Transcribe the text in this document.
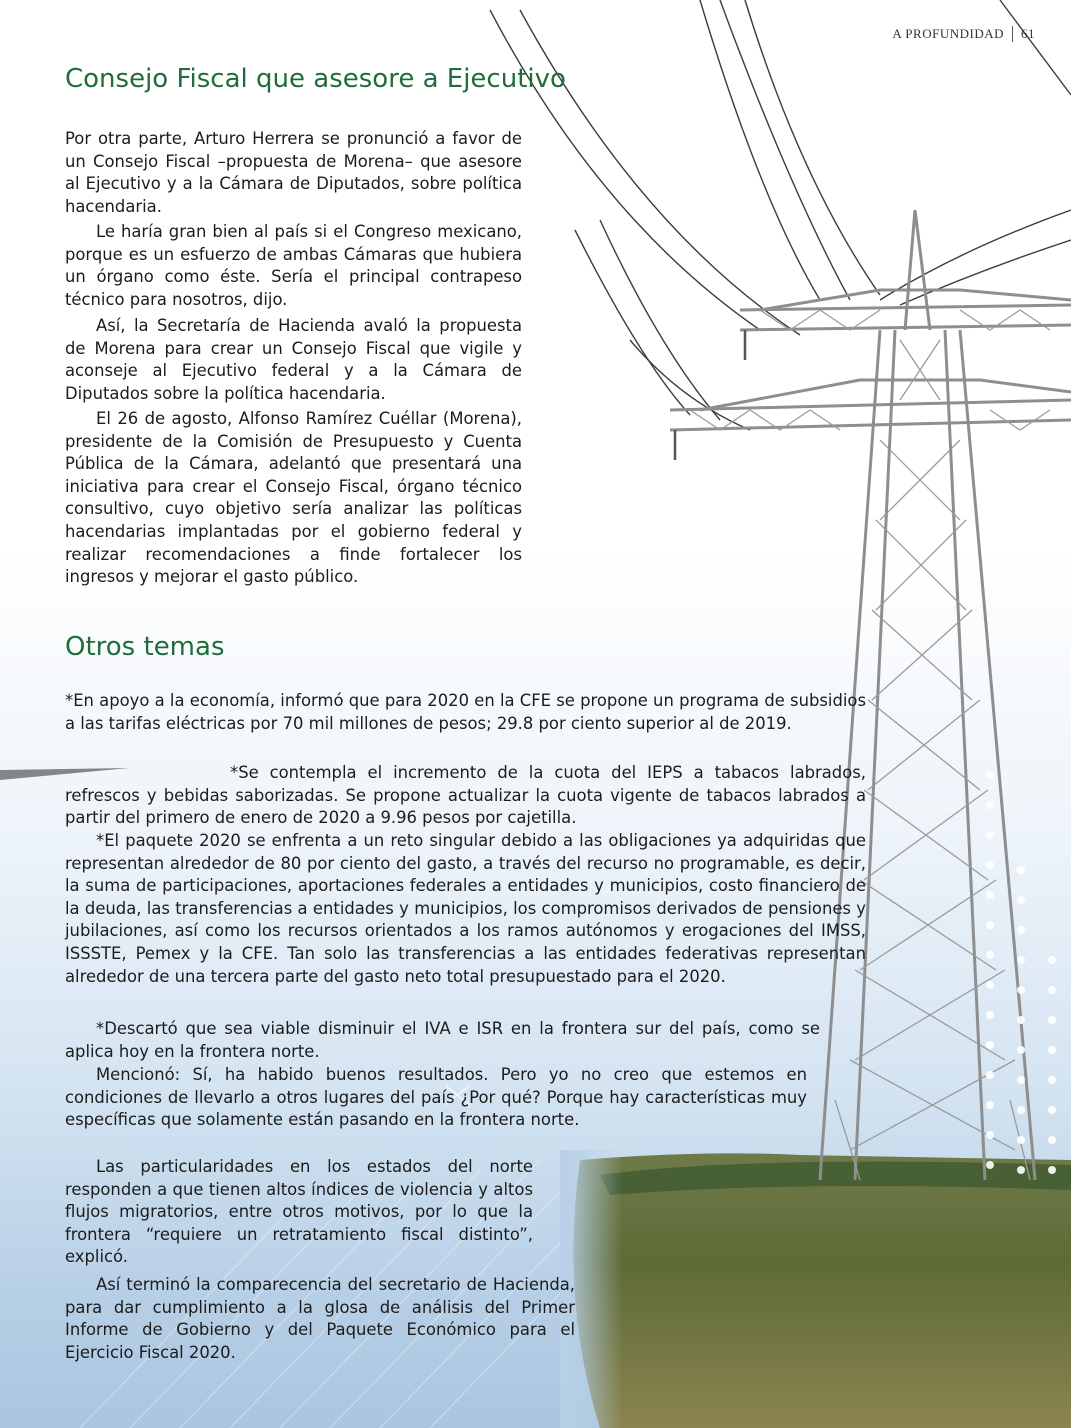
A PROFUNDIDAD 61
Consejo Fiscal que asesore a Ejecutivo

Por otra parte, Arturo Herrera se pronunció a favor de un Consejo Fiscal –propuesta de Morena– que asesore al Ejecutivo y a la Cámara de Diputados, sobre política hacendaria.

Le haría gran bien al país si el Congreso mexicano, porque es un esfuerzo de ambas Cámaras que hubiera un órgano como éste. Sería el principal contrapeso técnico para nosotros, dijo.

Así, la Secretaría de Hacienda avaló la propuesta de Morena para crear un Consejo Fiscal que vigile y aconseje al Ejecutivo federal y a la Cámara de Diputados sobre la política hacendaria.

El 26 de agosto, Alfonso Ramírez Cuéllar (Morena), presidente de la Comisión de Presupuesto y Cuenta Pública de la Cámara, adelantó que presentará una iniciativa para crear el Consejo Fiscal, órgano técnico consultivo, cuyo objetivo sería analizar las políticas hacendarias implantadas por el gobierno federal y realizar recomendaciones a finde fortalecer los ingresos y mejorar el gasto público.

Otros temas

*En apoyo a la economía, informó que para 2020 en la CFE se propone un programa de subsidios a las tarifas eléctricas por 70 mil millones de pesos; 29.8 por ciento superior al de 2019.

*Se contempla el incremento de la cuota del IEPS a tabacos labrados, refrescos y bebidas saborizadas. Se propone actualizar la cuota vigente de tabacos labrados a partir del primero de enero de 2020 a 9.96 pesos por cajetilla.

*El paquete 2020 se enfrenta a un reto singular debido a las obligaciones ya adquiridas que representan alrededor de 80 por ciento del gasto, a través del recurso no programable, es decir, la suma de participaciones, aportaciones federales a entidades y municipios, costo financiero de la deuda, las transferencias a entidades y municipios, los compromisos derivados de pensiones y jubilaciones, así como los recursos orientados a los ramos autónomos y erogaciones del IMSS, ISSSTE, Pemex y la CFE. Tan solo las transferencias a las entidades federativas representan alrededor de una tercera parte del gasto neto total presupuestado para el 2020.

*Descartó que sea viable disminuir el IVA e ISR en la frontera sur del país, como se aplica hoy en la frontera norte.

Mencionó: Sí, ha habido buenos resultados. Pero yo no creo que estemos en condiciones de llevarlo a otros lugares del país ¿Por qué? Porque hay características muy específicas que solamente están pasando en la frontera norte.

Las particularidades en los estados del norte responden a que tienen altos índices de violencia y altos flujos migratorios, entre otros motivos, por lo que la frontera “requiere un retratamiento fiscal distinto”, explicó.

Así terminó la comparecencia del secretario de Hacienda, para dar cumplimiento a la glosa de análisis del Primer Informe de Gobierno y del Paquete Económico para el Ejercicio Fiscal 2020.
